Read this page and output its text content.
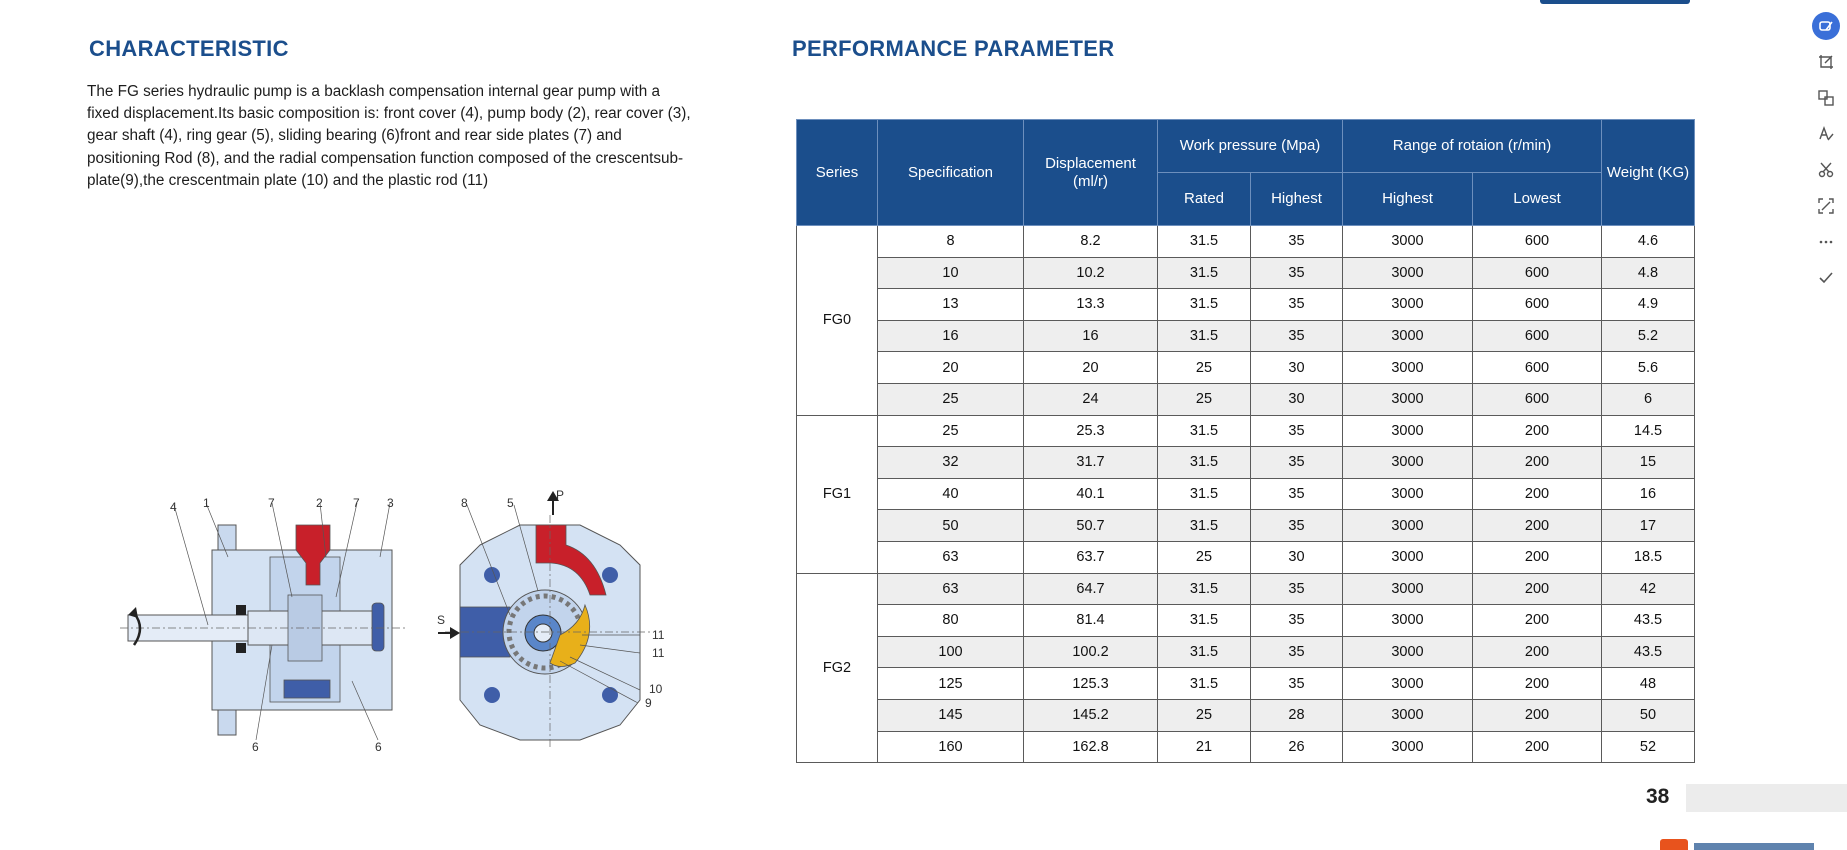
CHARACTERISTIC

The FG series hydraulic pump is a backlash compensation internal gear pump with a fixed displacement.Its basic composition is: front cover (4), pump body (2), rear cover (3), gear shaft (4), ring gear (5), sliding bearing (6)front and rear side plates (7) and positioning Rod (8), and the radial compensation function composed of the crescentsub-plate(9),the crescentmain plate (10) and the plastic rod (11)

4 1	7	2	7 3
6	6
8	5
P
S
11
11
10
9
PERFORMANCE PARAMETER
Series	Specification	Displacement (ml/r)	Work pressure (Mpa)		Range of rotaion (r/min)		Weight (KG)
			Rated	Highest	Highest	Lowest	
FG0	8	8.2	31.5	35	3000	600	4.6
	10	10.2	31.5	35	3000	600	4.8
	13	13.3	31.5	35	3000	600	4.9
	16	16	31.5	35	3000	600	5.2
	20	20	25	30	3000	600	5.6
	25	24	25	30	3000	600	6
FG1	25	25.3	31.5	35	3000	200	14.5
	32	31.7	31.5	35	3000	200	15
	40	40.1	31.5	35	3000	200	16
	50	50.7	31.5	35	3000	200	17
	63	63.7	25	30	3000	200	18.5
FG2	63	64.7	31.5	35	3000	200	42
	80	81.4	31.5	35	3000	200	43.5
	100	100.2	31.5	35	3000	200	43.5
	125	125.3	31.5	35	3000	200	48
	145	145.2	25	28	3000	200	50
	160	162.8	21	26	3000	200	52
38
